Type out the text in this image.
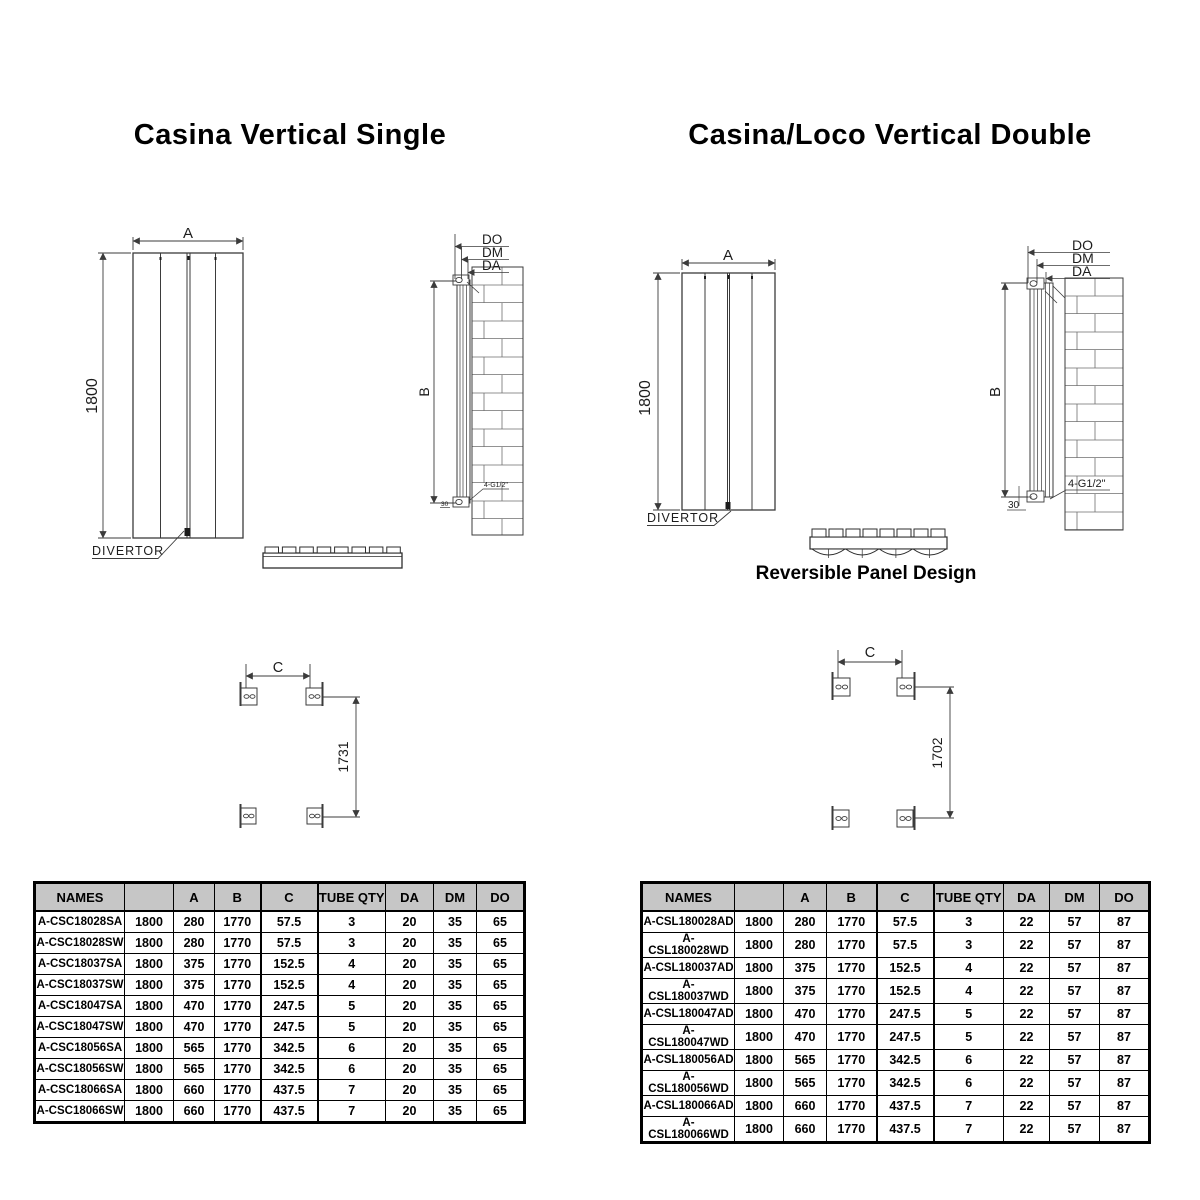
Casina Vertical Single	Casina/Loco Vertical Double
A
1800
DIVERTOR
DO
DM
DA
B
4-G1/2"
30
A
1800
DIVERTOR
DO
DM
DA
B
4-G1/2"
30
Reversible Panel Design
C
1731
C
1702
NAMES		A	B	C	TUBE QTY	DA	DM	DO
A-CSC18028SA	1800	280	1770	57.5	3	20	35	65
A-CSC18028SW	1800	280	1770	57.5	3	20	35	65
A-CSC18037SA	1800	375	1770	152.5	4	20	35	65
A-CSC18037SW	1800	375	1770	152.5	4	20	35	65
A-CSC18047SA	1800	470	1770	247.5	5	20	35	65
A-CSC18047SW	1800	470	1770	247.5	5	20	35	65
A-CSC18056SA	1800	565	1770	342.5	6	20	35	65
A-CSC18056SW	1800	565	1770	342.5	6	20	35	65
A-CSC18066SA	1800	660	1770	437.5	7	20	35	65
A-CSC18066SW	1800	660	1770	437.5	7	20	35	65
NAMES		A	B	C	TUBE QTY	DA	DM	DO
A-CSL180028AD	1800	280	1770	57.5	3	22	57	87
A-CSL180028WD	1800	280	1770	57.5	3	22	57	87
A-CSL180037AD	1800	375	1770	152.5	4	22	57	87
A-CSL180037WD	1800	375	1770	152.5	4	22	57	87
A-CSL180047AD	1800	470	1770	247.5	5	22	57	87
A-CSL180047WD	1800	470	1770	247.5	5	22	57	87
A-CSL180056AD	1800	565	1770	342.5	6	22	57	87
A-CSL180056WD	1800	565	1770	342.5	6	22	57	87
A-CSL180066AD	1800	660	1770	437.5	7	22	57	87
A-CSL180066WD	1800	660	1770	437.5	7	22	57	87
